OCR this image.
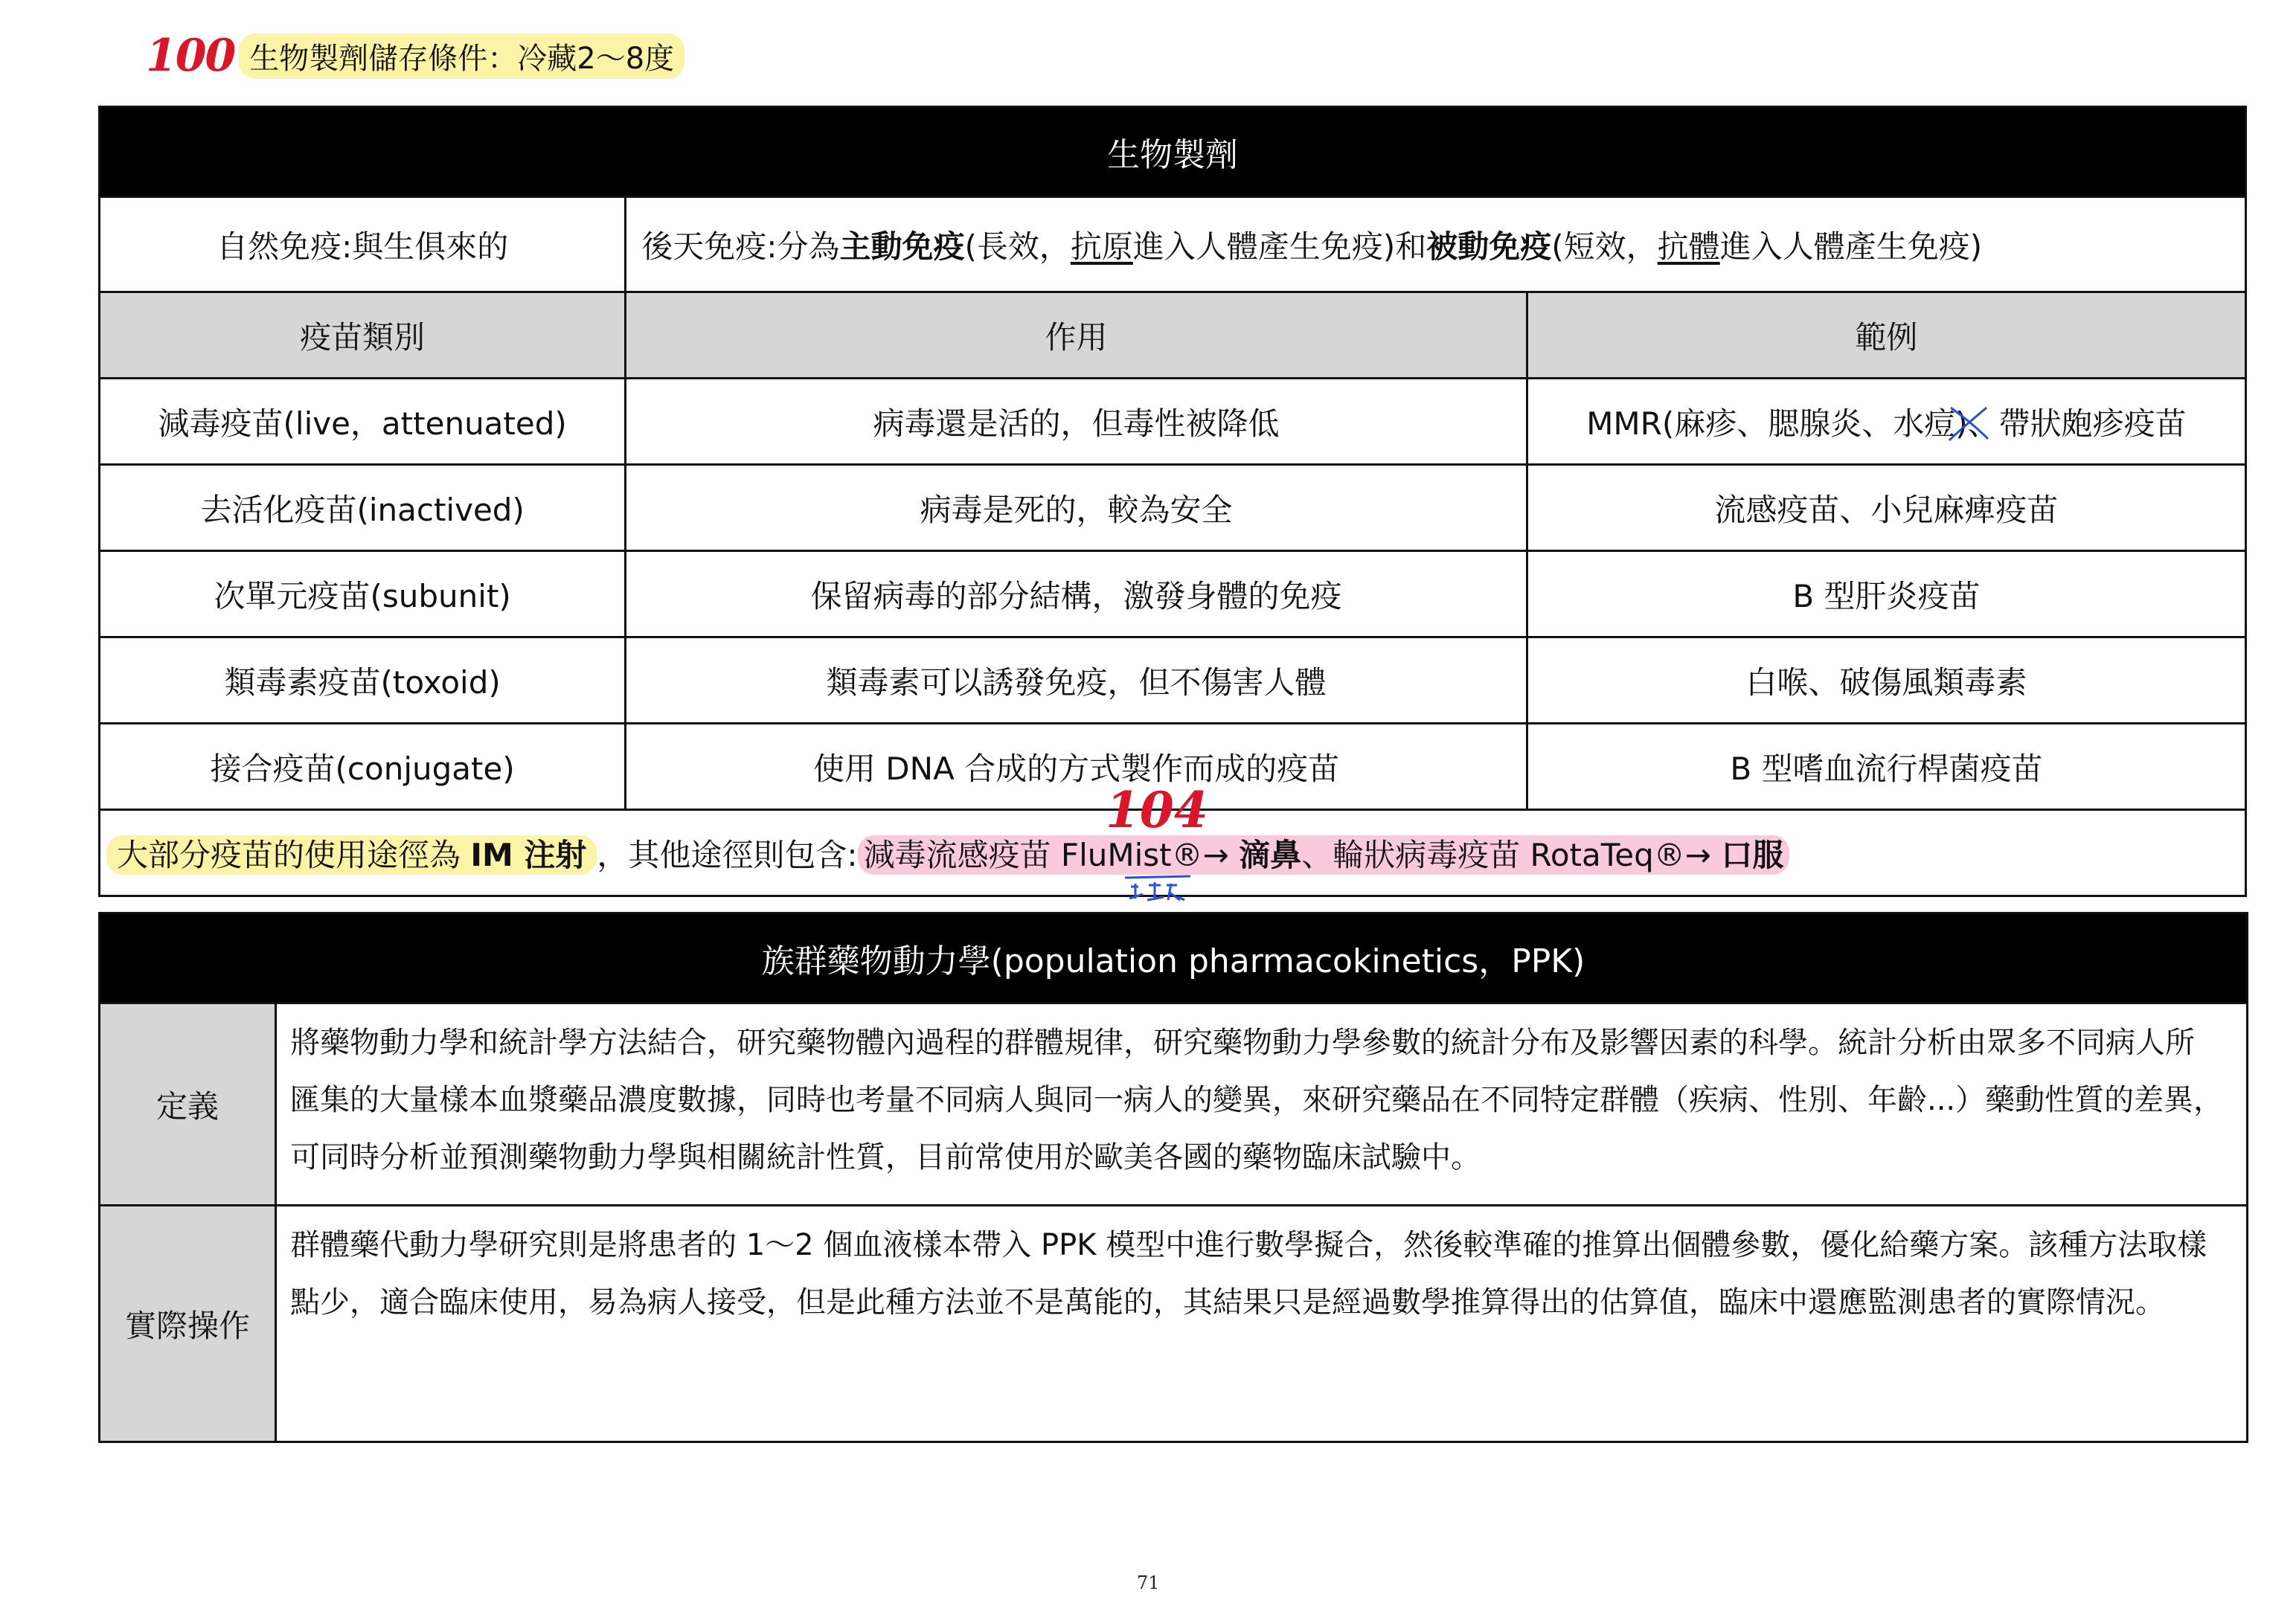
100 生物製劑儲存條件：冷藏2～8度
生物製劑		
自然免疫:與生俱來的	後天免疫:分為主動免疫(長效，抗原進入人體產生免疫)和被動免疫(短效，抗體進入人體產生免疫)	
疫苗類別	作用	範例
減毒疫苗(live，attenuated)	病毒還是活的，但毒性被降低	MMR(麻疹、腮腺炎、水痘)、帶狀皰疹疫苗

去活化疫苗(inactived)	病毒是死的，較為安全	流感疫苗、小兒麻痺疫苗
次單元疫苗(subunit)	保留病毒的部分結構，激發身體的免疫	B 型肝炎疫苗
類毒素疫苗(toxoid)	類毒素可以誘發免疫，但不傷害人體	白喉、破傷風類毒素
接合疫苗(conjugate)	使用 DNA 合成的方式製作而成的疫苗	B 型嗜血流行桿菌疫苗
大部分疫苗的使用途徑為 IM 注射 ，其他途徑則包含: 減毒流感疫苗 FluMist®→ 滴鼻、輪狀病毒疫苗 RotaTeq®→ 口服		
104
族群藥物動力學(population pharmacokinetics，PPK)	
定義	將藥物動力學和統計學方法結合，研究藥物體內過程的群體規律，研究藥物動力學參數的統計分布及影響因素的科學。統計分析由眾多不同病人所匯集的大量樣本血漿藥品濃度數據，同時也考量不同病人與同一病人的變異，來研究藥品在不同特定群體（疾病、性別、年齡...）藥動性質的差異，可同時分析並預測藥物動力學與相關統計性質，目前常使用於歐美各國的藥物臨床試驗中。
實際操作	群體藥代動力學研究則是將患者的 1～2 個血液樣本帶入 PPK 模型中進行數學擬合，然後較準確的推算出個體參數，優化給藥方案。該種方法取樣點少，適合臨床使用，易為病人接受，但是此種方法並不是萬能的，其結果只是經過數學推算得出的估算值，臨床中還應監測患者的實際情況。
71
